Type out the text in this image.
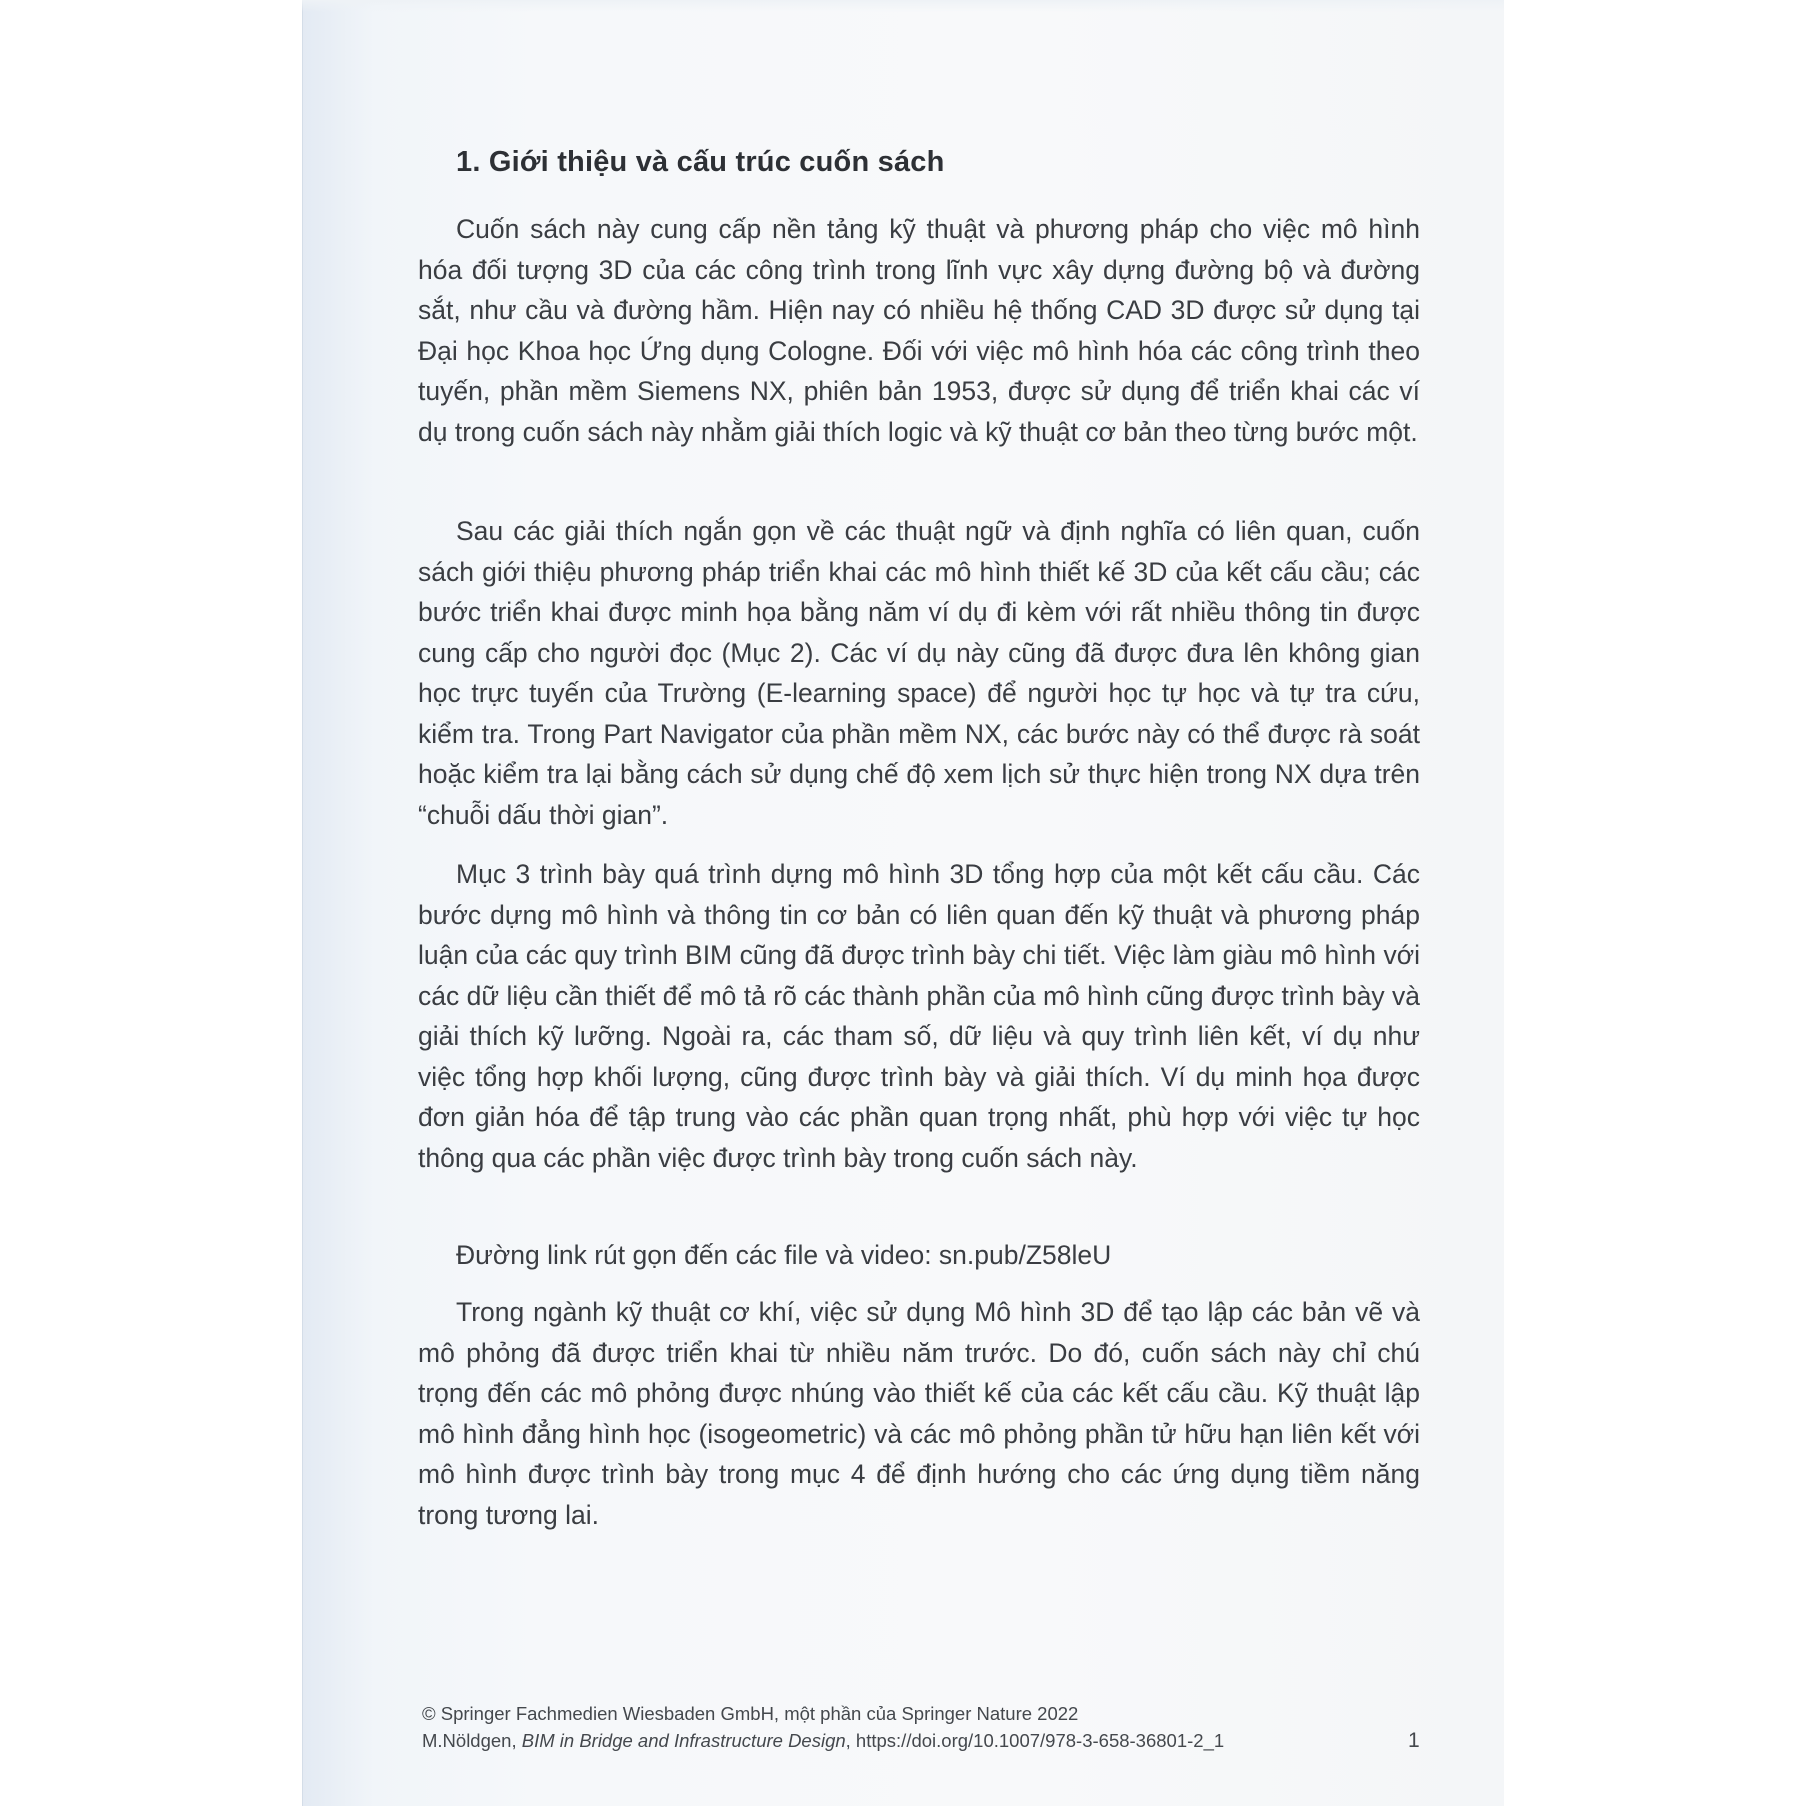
1. Giới thiệu và cấu trúc cuốn sách

Cuốn sách này cung cấp nền tảng kỹ thuật và phương pháp cho việc mô hình hóa đối tượng 3D của các công trình trong lĩnh vực xây dựng đường bộ và đường sắt, như cầu và đường hầm. Hiện nay có nhiều hệ thống CAD 3D được sử dụng tại Đại học Khoa học Ứng dụng Cologne. Đối với việc mô hình hóa các công trình theo tuyến, phần mềm Siemens NX, phiên bản 1953, được sử dụng để triển khai các ví dụ trong cuốn sách này nhằm giải thích logic và kỹ thuật cơ bản theo từng bước một.

Sau các giải thích ngắn gọn về các thuật ngữ và định nghĩa có liên quan, cuốn sách giới thiệu phương pháp triển khai các mô hình thiết kế 3D của kết cấu cầu; các bước triển khai được minh họa bằng năm ví dụ đi kèm với rất nhiều thông tin được cung cấp cho người đọc (Mục 2). Các ví dụ này cũng đã được đưa lên không gian học trực tuyến của Trường (E-learning space) để người học tự học và tự tra cứu, kiểm tra. Trong Part Navigator của phần mềm NX, các bước này có thể được rà soát hoặc kiểm tra lại bằng cách sử dụng chế độ xem lịch sử thực hiện trong NX dựa trên “chuỗi dấu thời gian”.

Mục 3 trình bày quá trình dựng mô hình 3D tổng hợp của một kết cấu cầu. Các bước dựng mô hình và thông tin cơ bản có liên quan đến kỹ thuật và phương pháp luận của các quy trình BIM cũng đã được trình bày chi tiết. Việc làm giàu mô hình với các dữ liệu cần thiết để mô tả rõ các thành phần của mô hình cũng được trình bày và giải thích kỹ lưỡng. Ngoài ra, các tham số, dữ liệu và quy trình liên kết, ví dụ như việc tổng hợp khối lượng, cũng được trình bày và giải thích. Ví dụ minh họa được đơn giản hóa để tập trung vào các phần quan trọng nhất, phù hợp với việc tự học thông qua các phần việc được trình bày trong cuốn sách này.

Đường link rút gọn đến các file và video: sn.pub/Z58leU

Trong ngành kỹ thuật cơ khí, việc sử dụng Mô hình 3D để tạo lập các bản vẽ và mô phỏng đã được triển khai từ nhiều năm trước. Do đó, cuốn sách này chỉ chú trọng đến các mô phỏng được nhúng vào thiết kế của các kết cấu cầu. Kỹ thuật lập mô hình đẳng hình học (isogeometric) và các mô phỏng phần tử hữu hạn liên kết với mô hình được trình bày trong mục 4 để định hướng cho các ứng dụng tiềm năng trong tương lai.

© Springer Fachmedien Wiesbaden GmbH, một phần của Springer Nature 2022
M.Nöldgen, BIM in Bridge and Infrastructure Design, https://doi.org/10.1007/978-3-658-36801-2_1	1
